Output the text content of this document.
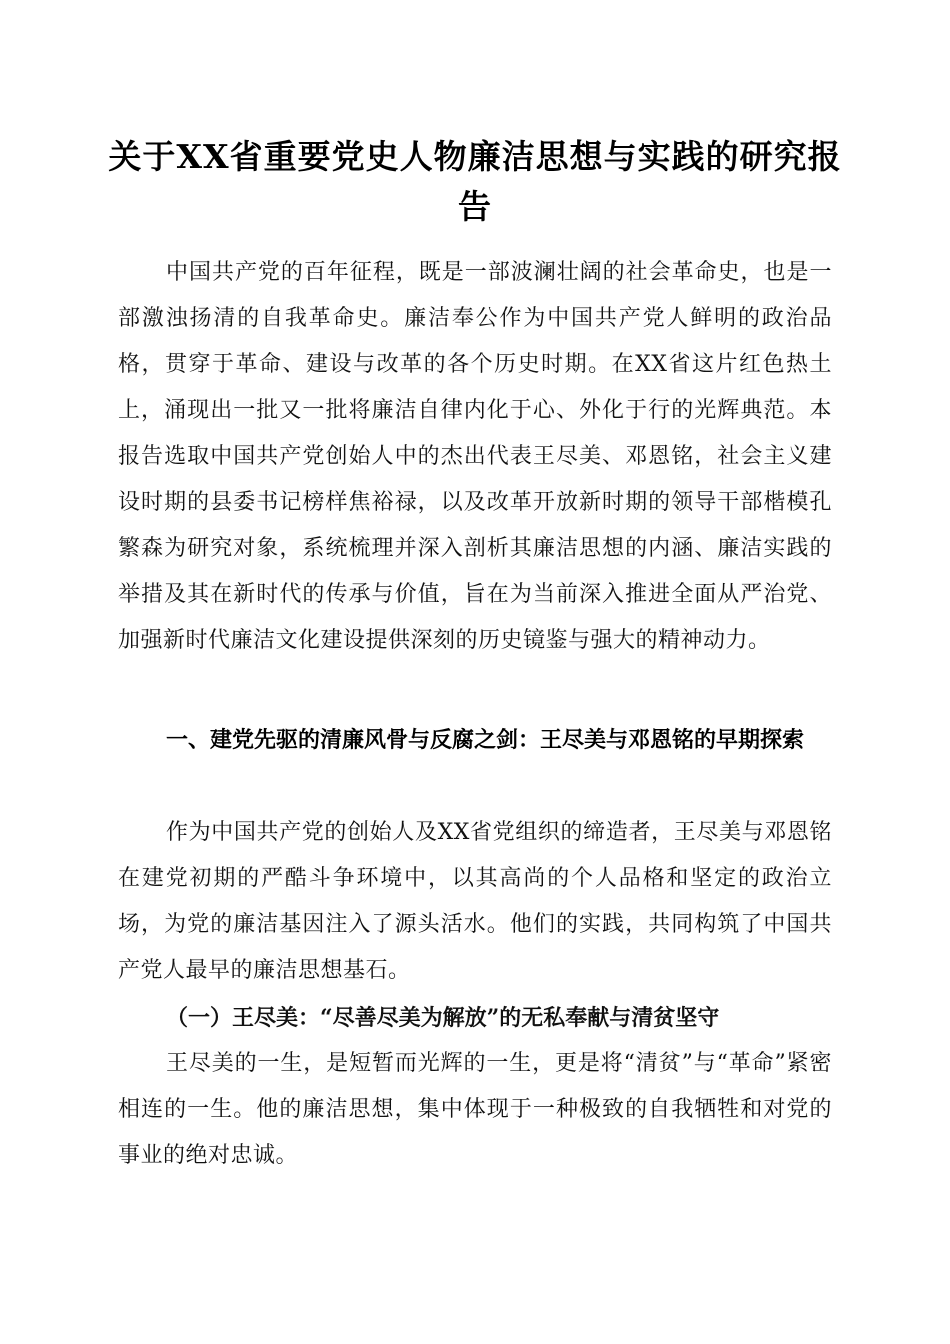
关于XX省重要党史人物廉洁思想与实践的研究报告

中国共产党的百年征程，既是一部波澜壮阔的社会革命史，也是一部激浊扬清的自我革命史。廉洁奉公作为中国共产党人鲜明的政治品格，贯穿于革命、建设与改革的各个历史时期。在XX省这片红色热土上，涌现出一批又一批将廉洁自律内化于心、外化于行的光辉典范。本报告选取中国共产党创始人中的杰出代表王尽美、邓恩铭，社会主义建设时期的县委书记榜样焦裕禄，以及改革开放新时期的领导干部楷模孔繁森为研究对象，系统梳理并深入剖析其廉洁思想的内涵、廉洁实践的举措及其在新时代的传承与价值，旨在为当前深入推进全面从严治党、加强新时代廉洁文化建设提供深刻的历史镜鉴与强大的精神动力。

一、建党先驱的清廉风骨与反腐之剑：王尽美与邓恩铭的早期探索

作为中国共产党的创始人及XX省党组织的缔造者，王尽美与邓恩铭在建党初期的严酷斗争环境中，以其高尚的个人品格和坚定的政治立场，为党的廉洁基因注入了源头活水。他们的实践，共同构筑了中国共产党人最早的廉洁思想基石。

（一）王尽美：“尽善尽美为解放”的无私奉献与清贫坚守

王尽美的一生，是短暂而光辉的一生，更是将“清贫”与“革命”紧密相连的一生。他的廉洁思想，集中体现于一种极致的自我牺牲和对党的事业的绝对忠诚。
